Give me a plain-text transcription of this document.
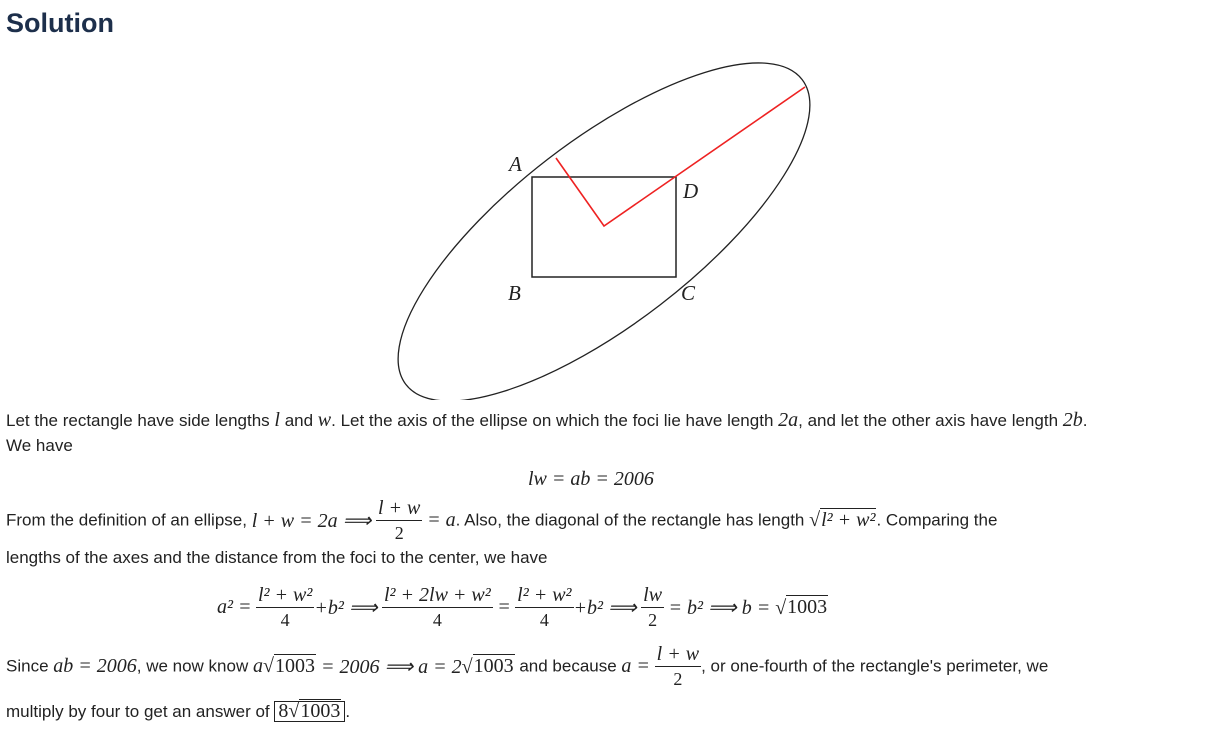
Solution
A
B	C
D
Let the rectangle have side lengths l and w. Let the axis of the ellipse on which the foci lie have length 2a, and let the other axis have length 2b.
We have
lw = ab = 2006
From the definition of an ellipse, l + w = 2a ⟹ $\frac{l + w}{2} = a$. Also, the diagonal of the rectangle has length √l² + w². Comparing the
lengths of the axes and the distance from the foci to the center, we have
$a^2 = \frac{\text{l² + w²}}{4} +b^2$ ⟹ $\frac{\text{l² + 2lw + w²}}{4} = \frac{\text{l² + w²}}{4} +b^2$ ⟹ $\frac{lw}{2} = b^2$ ⟹ b = √1003
Since ab = 2006, we now know a√1003 = 2006 ⟹ a = 2√1003 and because $a = \frac{l + w}{2}$ , or one-fourth of the rectangle's perimeter, we
multiply by four to get an answer of 8√1003 .
